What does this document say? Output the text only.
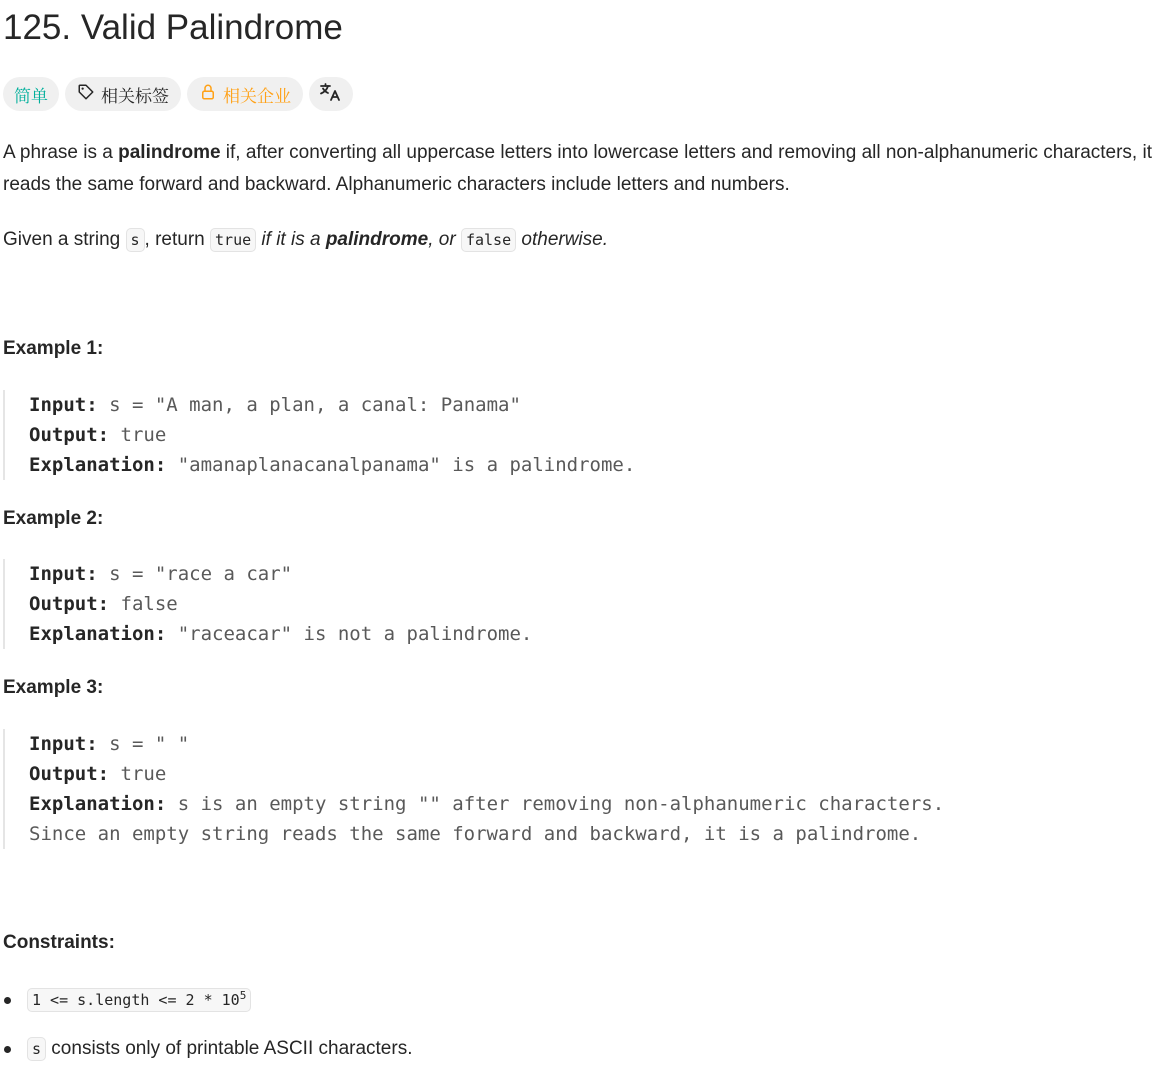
125. Valid Palindrome
简单	相关标签	相关企业

A phrase is a palindrome if, after converting all uppercase letters into lowercase letters and removing all non-alphanumeric characters, it reads the same forward and backward. Alphanumeric characters include letters and numbers.

Given a string s , return true if it is a palindrome, or false otherwise.

Example 1:

Input: s = "A man, a plan, a canal: Panama"
Output: true
Explanation: "amanaplanacanalpanama" is a palindrome.

Example 2:

Input: s = "race a car"
Output: false
Explanation: "raceacar" is not a palindrome.

Example 3:

Input: s = " "
Output: true
Explanation: s is an empty string "" after removing non-alphanumeric characters.
Since an empty string reads the same forward and backward, it is a palindrome.

Constraints:

1 <= s.length <= $2 * 10^5$
s consists only of printable ASCII characters.
